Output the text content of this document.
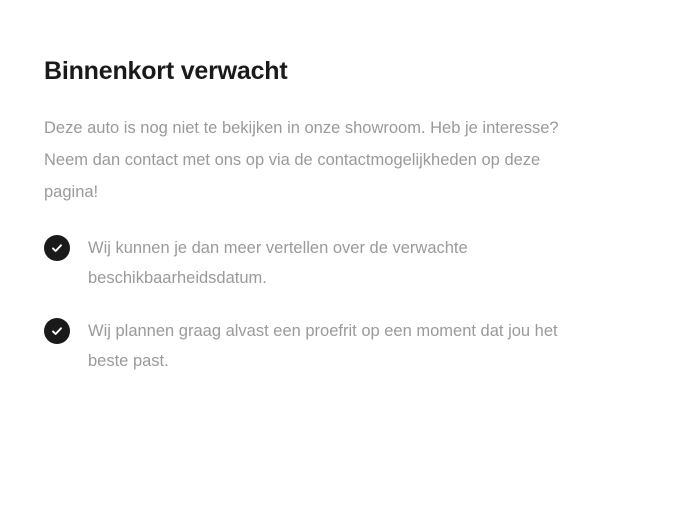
Binnenkort verwacht

Deze auto is nog niet te bekijken in onze showroom. Heb je interesse? Neem dan contact met ons op via de contactmogelijkheden op deze pagina!

Wij kunnen je dan meer vertellen over de verwachte beschikbaarheidsdatum.
Wij plannen graag alvast een proefrit op een moment dat jou het beste past.
